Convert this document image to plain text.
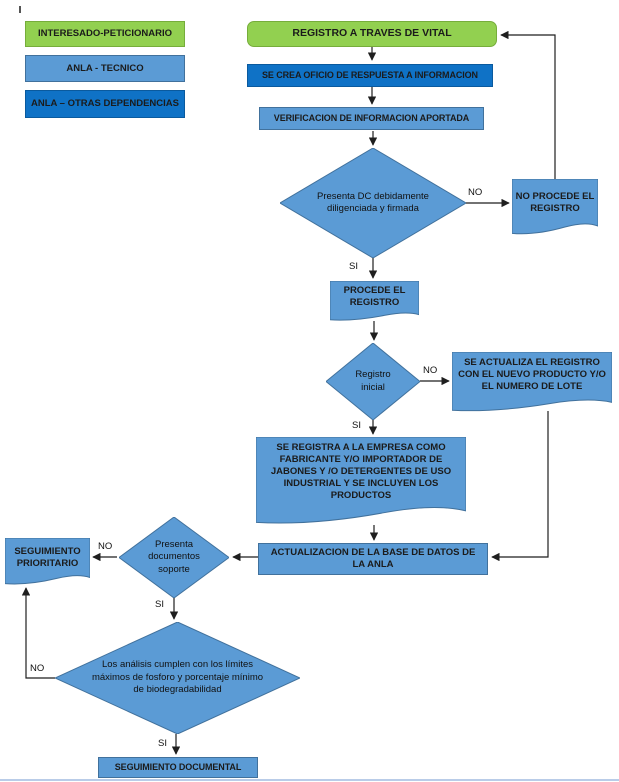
INTERESADO-PETICIONARIO
ANLA - TECNICO
ANLA – OTRAS DEPENDENCIAS
REGISTRO A TRAVES DE VITAL
SE CREA OFICIO DE RESPUESTA A INFORMACION
VERIFICACION DE INFORMACION APORTADA
Presenta DC debidamente diligenciada y firmada
NO PROCEDE EL REGISTRO
PROCEDE EL REGISTRO
Registro inicial
SE ACTUALIZA EL REGISTRO CON EL NUEVO PRODUCTO Y/O EL NUMERO DE LOTE
SE REGISTRA A LA EMPRESA COMO FABRICANTE Y/O IMPORTADOR DE JABONES Y /O DETERGENTES DE USO INDUSTRIAL Y SE INCLUYEN LOS PRODUCTOS
ACTUALIZACION DE LA BASE DE DATOS DE LA ANLA
Presenta documentos soporte
SEGUIMIENTO PRIORITARIO
Los análisis cumplen con los límites máximos de fosforo y porcentaje mínimo de biodegradabilidad
SEGUIMIENTO DOCUMENTAL
NO
SI
NO
SI
NO
SI
NO
SI
